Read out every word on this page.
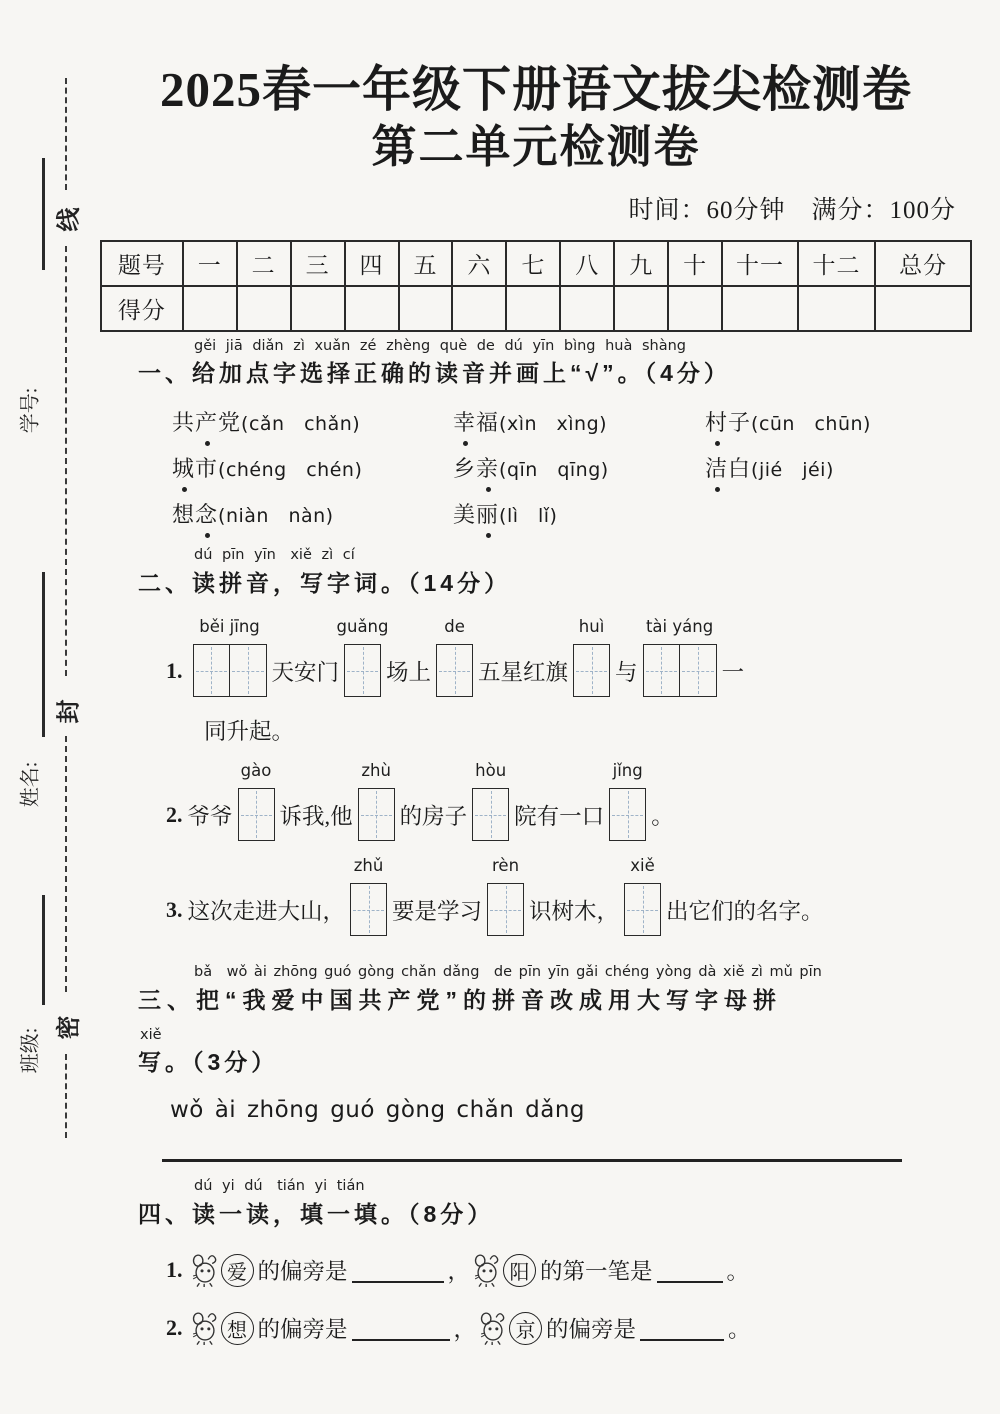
线
封
密
学号:
姓名:
班级:
2025春一年级下册语文拔尖检测卷
第二单元检测卷
时间：60分钟　满分：100分
题号	一	二	三	四	五	六	七	八	九	十	十一	十二	总分
得分													
gěi jiā diǎn zì xuǎn zé zhèng què de dú yīn bìng huà shàng
一、给加点字选择正确的读音并画上“√”。（4分）
共产党(cǎn　chǎn)	幸福(xìn　xìng)	村子(cūn　chūn)
城市(chéng　chén)	乡亲(qīn　qīng)	洁白(jié　jéi)
想念(niàn　nàn)	美丽(lì　lǐ)
dú pīn yīn　xiě zì cí
二、读拼音，写字词。（14分）
1.
běi jīng
天安门
guǎng
场上
de
五星红旗
huì
与
tài yáng
一
同升起。
2. 爷爷
gào
诉我,他
zhù
的房子
hòu
院有一口
jǐng
。
3. 这次走进大山，
zhǔ
要是学习
rèn
识树木，
xiě
出它们的名字。
bǎ　wǒ ài zhōng guó gòng chǎn dǎng　de pīn yīn gǎi chéng yòng dà xiě zì mǔ pīn
三、把“我爱中国共产党”的拼音改成用大写字母拼
xiě
写。（3分）
wǒ ài zhōng guó gòng chǎn dǎng
dú yi dú　tián yi tián
四、读一读，填一填。（8分）
1.	爱 的偏旁是	，	阳 的第一笔是	。
2.	想 的偏旁是	，	京 的偏旁是	。
